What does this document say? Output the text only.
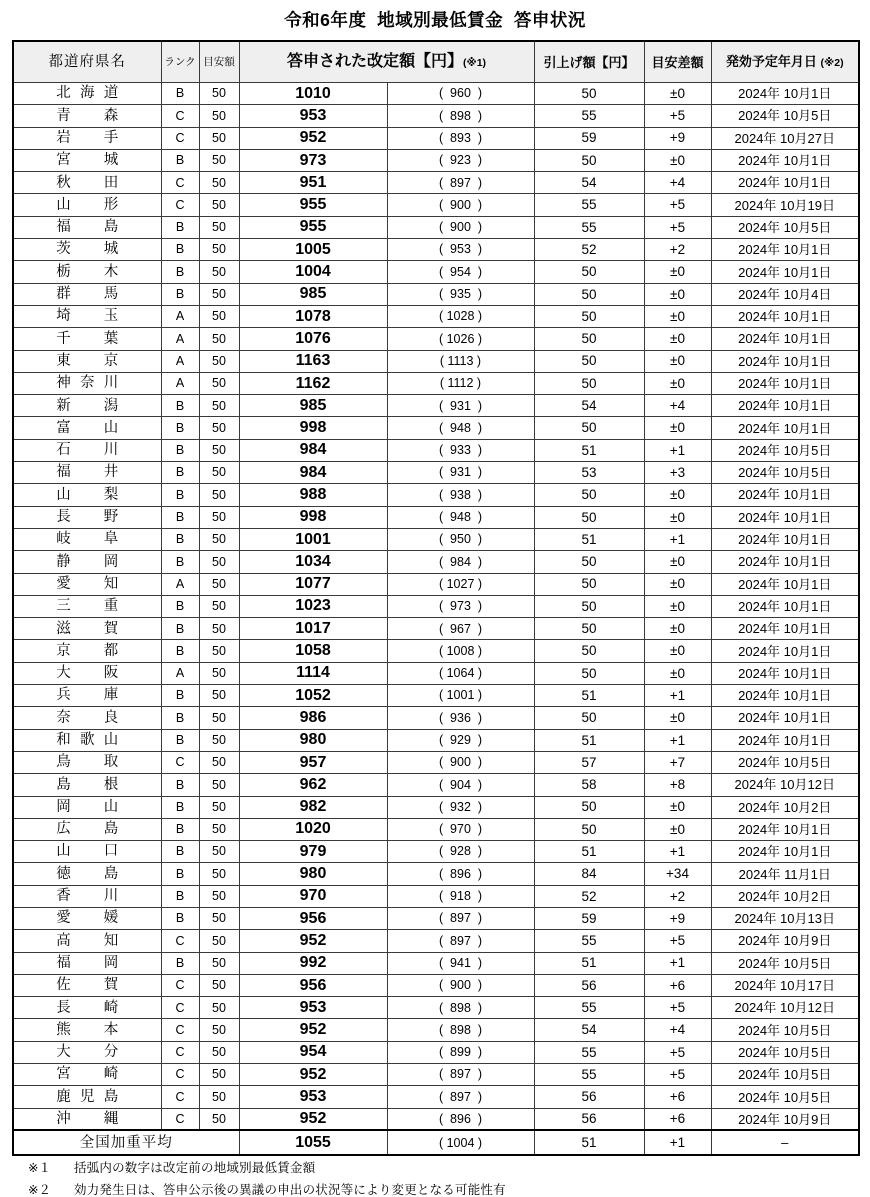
令和6年度  地域別最低賃金  答申状況
都道府県名	ランク	目安額	答申された改定額【円】(※1)		引上げ額【円】	目安差額	発効予定年月日 (※2)
北海道	B	50	1010	(  960  )	50	±0	2024年 10月1日
青森	C	50	953	(  898  )	55	+5	2024年 10月5日
岩手	C	50	952	(  893  )	59	+9	2024年 10月27日
宮城	B	50	973	(  923  )	50	±0	2024年 10月1日
秋田	C	50	951	(  897  )	54	+4	2024年 10月1日
山形	C	50	955	(  900  )	55	+5	2024年 10月19日
福島	B	50	955	(  900  )	55	+5	2024年 10月5日
茨城	B	50	1005	(  953  )	52	+2	2024年 10月1日
栃木	B	50	1004	(  954  )	50	±0	2024年 10月1日
群馬	B	50	985	(  935  )	50	±0	2024年 10月4日
埼玉	A	50	1078	( 1028 )	50	±0	2024年 10月1日
千葉	A	50	1076	( 1026 )	50	±0	2024年 10月1日
東京	A	50	1163	( 1113 )	50	±0	2024年 10月1日
神奈川	A	50	1162	( 1112 )	50	±0	2024年 10月1日
新潟	B	50	985	(  931  )	54	+4	2024年 10月1日
富山	B	50	998	(  948  )	50	±0	2024年 10月1日
石川	B	50	984	(  933  )	51	+1	2024年 10月5日
福井	B	50	984	(  931  )	53	+3	2024年 10月5日
山梨	B	50	988	(  938  )	50	±0	2024年 10月1日
長野	B	50	998	(  948  )	50	±0	2024年 10月1日
岐阜	B	50	1001	(  950  )	51	+1	2024年 10月1日
静岡	B	50	1034	(  984  )	50	±0	2024年 10月1日
愛知	A	50	1077	( 1027 )	50	±0	2024年 10月1日
三重	B	50	1023	(  973  )	50	±0	2024年 10月1日
滋賀	B	50	1017	(  967  )	50	±0	2024年 10月1日
京都	B	50	1058	( 1008 )	50	±0	2024年 10月1日
大阪	A	50	1114	( 1064 )	50	±0	2024年 10月1日
兵庫	B	50	1052	( 1001 )	51	+1	2024年 10月1日
奈良	B	50	986	(  936  )	50	±0	2024年 10月1日
和歌山	B	50	980	(  929  )	51	+1	2024年 10月1日
鳥取	C	50	957	(  900  )	57	+7	2024年 10月5日
島根	B	50	962	(  904  )	58	+8	2024年 10月12日
岡山	B	50	982	(  932  )	50	±0	2024年 10月2日
広島	B	50	1020	(  970  )	50	±0	2024年 10月1日
山口	B	50	979	(  928  )	51	+1	2024年 10月1日
徳島	B	50	980	(  896  )	84	+34	2024年 11月1日
香川	B	50	970	(  918  )	52	+2	2024年 10月2日
愛媛	B	50	956	(  897  )	59	+9	2024年 10月13日
高知	C	50	952	(  897  )	55	+5	2024年 10月9日
福岡	B	50	992	(  941  )	51	+1	2024年 10月5日
佐賀	C	50	956	(  900  )	56	+6	2024年 10月17日
長崎	C	50	953	(  898  )	55	+5	2024年 10月12日
熊本	C	50	952	(  898  )	54	+4	2024年 10月5日
大分	C	50	954	(  899  )	55	+5	2024年 10月5日
宮崎	C	50	952	(  897  )	55	+5	2024年 10月5日
鹿児島	C	50	953	(  897  )	56	+6	2024年 10月5日
沖縄	C	50	952	(  896  )	56	+6	2024年 10月9日
全国加重平均			1055	( 1004 )	51	+1	–
※１	括弧内の数字は改定前の地域別最低賃金額
※２	効力発生日は、答申公示後の異議の申出の状況等により変更となる可能性有
